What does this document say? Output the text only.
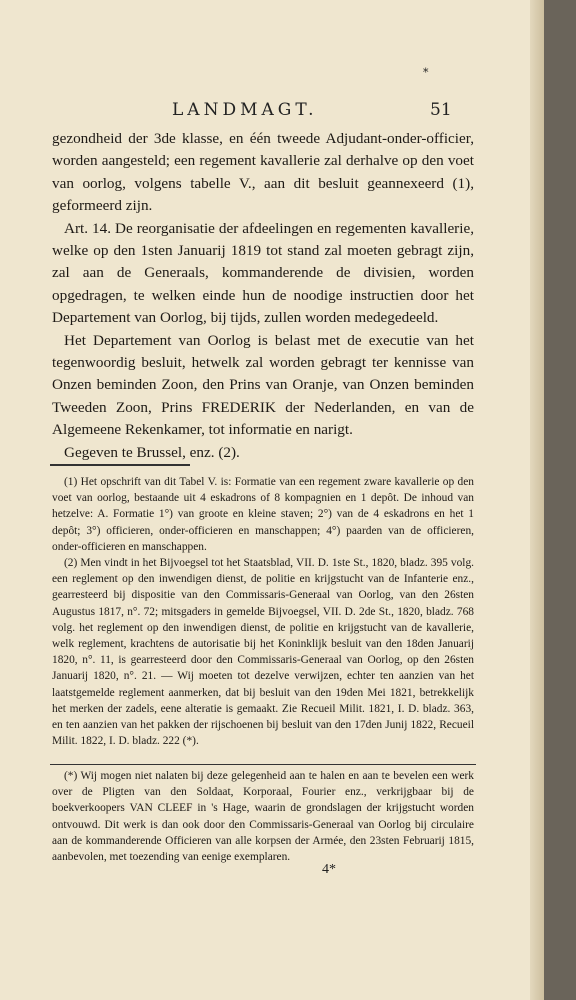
*
LANDMAGT.	51

gezondheid der 3de klasse, en één tweede Adjudant-onder-officier, worden aangesteld; een regement kavallerie zal derhalve op den voet van oorlog, volgens tabelle V., aan dit besluit geannexeerd (1), geformeerd zijn.

Art. 14. De reorganisatie der afdeelingen en regementen kavallerie, welke op den 1sten Januarij 1819 tot stand zal moeten gebragt zijn, zal aan de Generaals, kommanderende de divisien, worden opgedragen, te welken einde hun de noodige instructien door het Departement van Oorlog, bij tijds, zullen worden medegedeeld.

Het Departement van Oorlog is belast met de executie van het tegenwoordig besluit, hetwelk zal worden gebragt ter kennisse van Onzen beminden Zoon, den Prins van Oranje, van Onzen beminden Tweeden Zoon, Prins FREDERIK der Nederlanden, en van de Algemeene Rekenkamer, tot informatie en narigt.

Gegeven te Brussel, enz. (2).

(1) Het opschrift van dit Tabel V. is: Formatie van een regement zware kavallerie op den voet van oorlog, bestaande uit 4 eskadrons of 8 kompagnien en 1 depôt. De inhoud van hetzelve: A. Formatie 1°) van groote en kleine staven; 2°) van de 4 eskadrons en het 1 depôt; 3°) officieren, onder-officieren en manschappen; 4°) paarden van de officieren, onder-officieren en manschappen.

(2) Men vindt in het Bijvoegsel tot het Staatsblad, VII. D. 1ste St., 1820, bladz. 395 volg. een reglement op den inwendigen dienst, de politie en krijgstucht van de Infanterie enz., gearresteerd bij dispositie van den Commissaris-Generaal van Oorlog, van den 26sten Augustus 1817, n°. 72; mitsgaders in gemelde Bijvoegsel, VII. D. 2de St., 1820, bladz. 768 volg. het reglement op den inwendigen dienst, de politie en krijgstucht van de kavallerie, welk reglement, krachtens de autorisatie bij het Koninklijk besluit van den 18den Januarij 1820, n°. 11, is gearresteerd door den Commissaris-Generaal van Oorlog, op den 26sten Januarij 1820, n°. 21. — Wij moeten tot dezelve verwijzen, echter ten aanzien van het laatstgemelde reglement aanmerken, dat bij besluit van den 19den Mei 1821, betrekkelijk het merken der zadels, eene alteratie is gemaakt. Zie Recueil Milit. 1821, I. D. bladz. 363, en ten aanzien van het pakken der rijschoenen bij besluit van den 17den Junij 1822, Recueil Milit. 1822, I. D. bladz. 222 (*).

(*) Wij mogen niet nalaten bij deze gelegenheid aan te halen en aan te bevelen een werk over de Pligten van den Soldaat, Korporaal, Fourier enz., verkrijgbaar bij de boekverkoopers VAN CLEEF in 's Hage, waarin de grondslagen der krijgstucht worden ontvouwd. Dit werk is dan ook door den Commissaris-Generaal van Oorlog bij circulaire aan de kommanderende Officieren van alle korpsen der Armée, den 23sten Februarij 1815, aanbevolen, met toezending van eenige exemplaren.

4*
